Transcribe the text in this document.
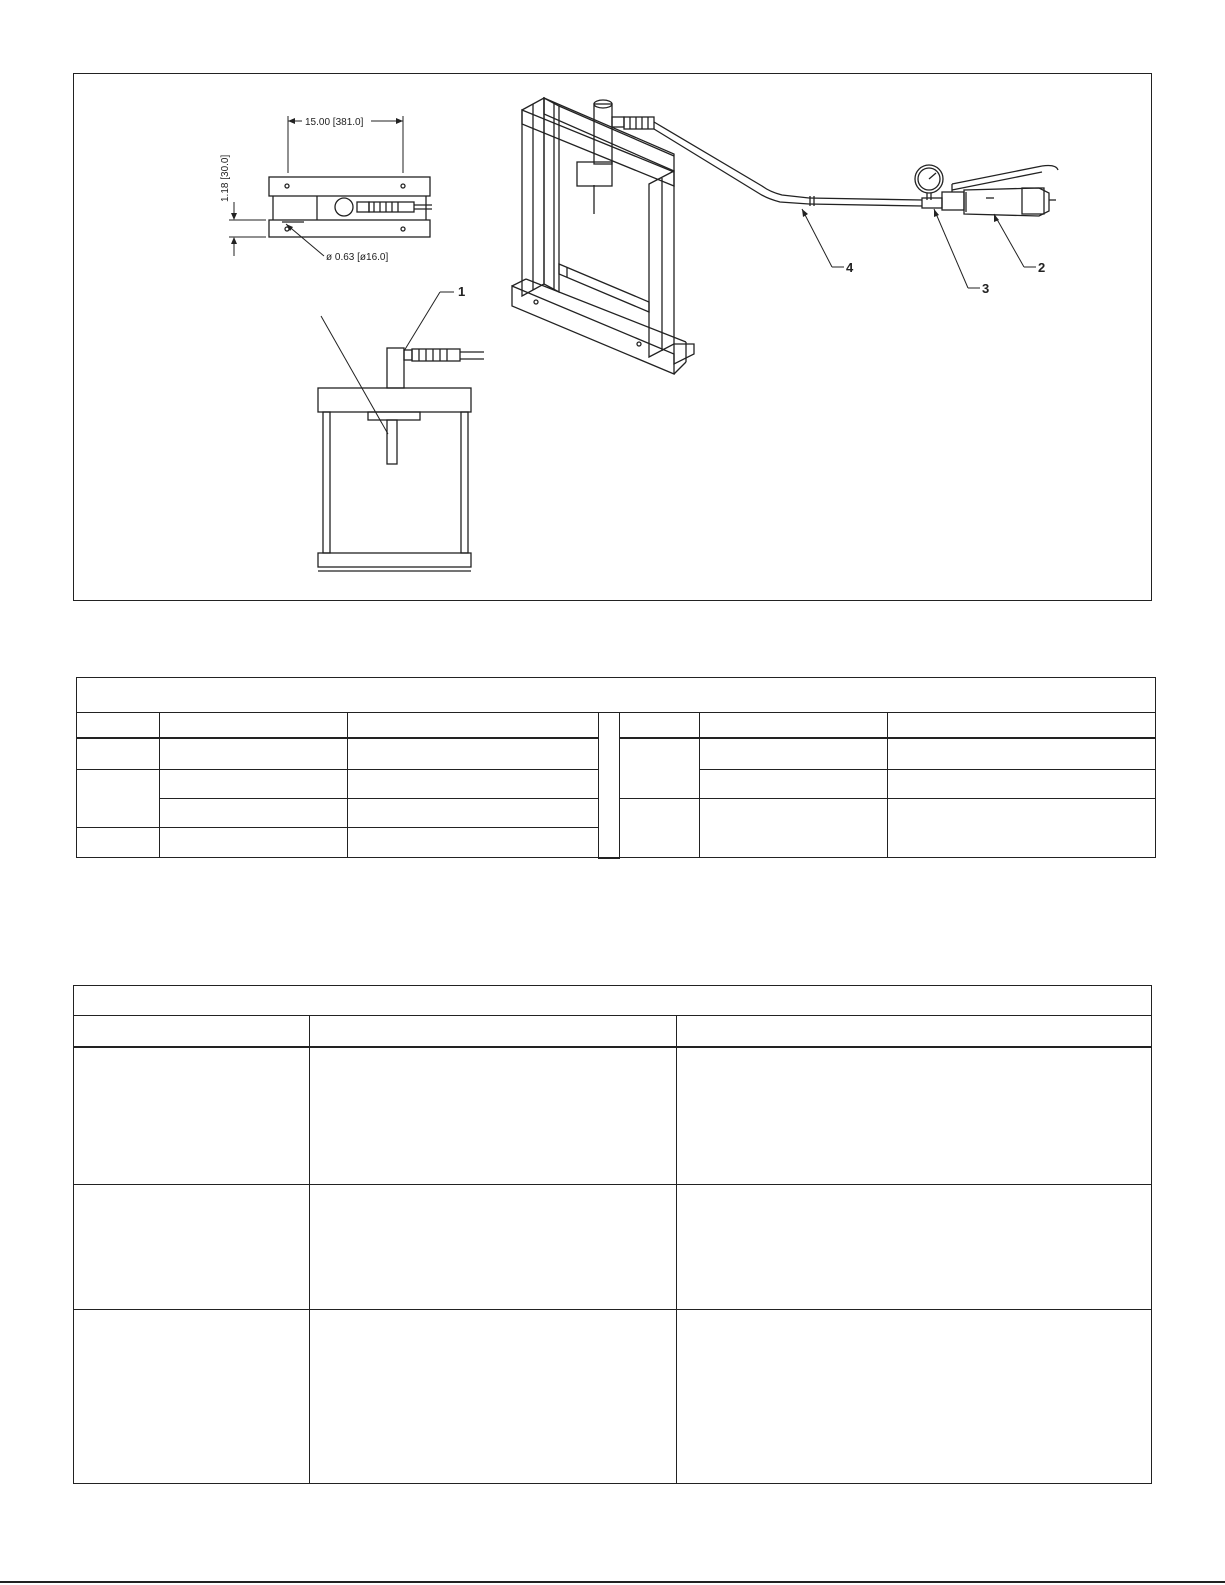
15.00 [381.0]
1.18 [30.0]
ø 0.63 [ø16.0]
1
2
3
4
